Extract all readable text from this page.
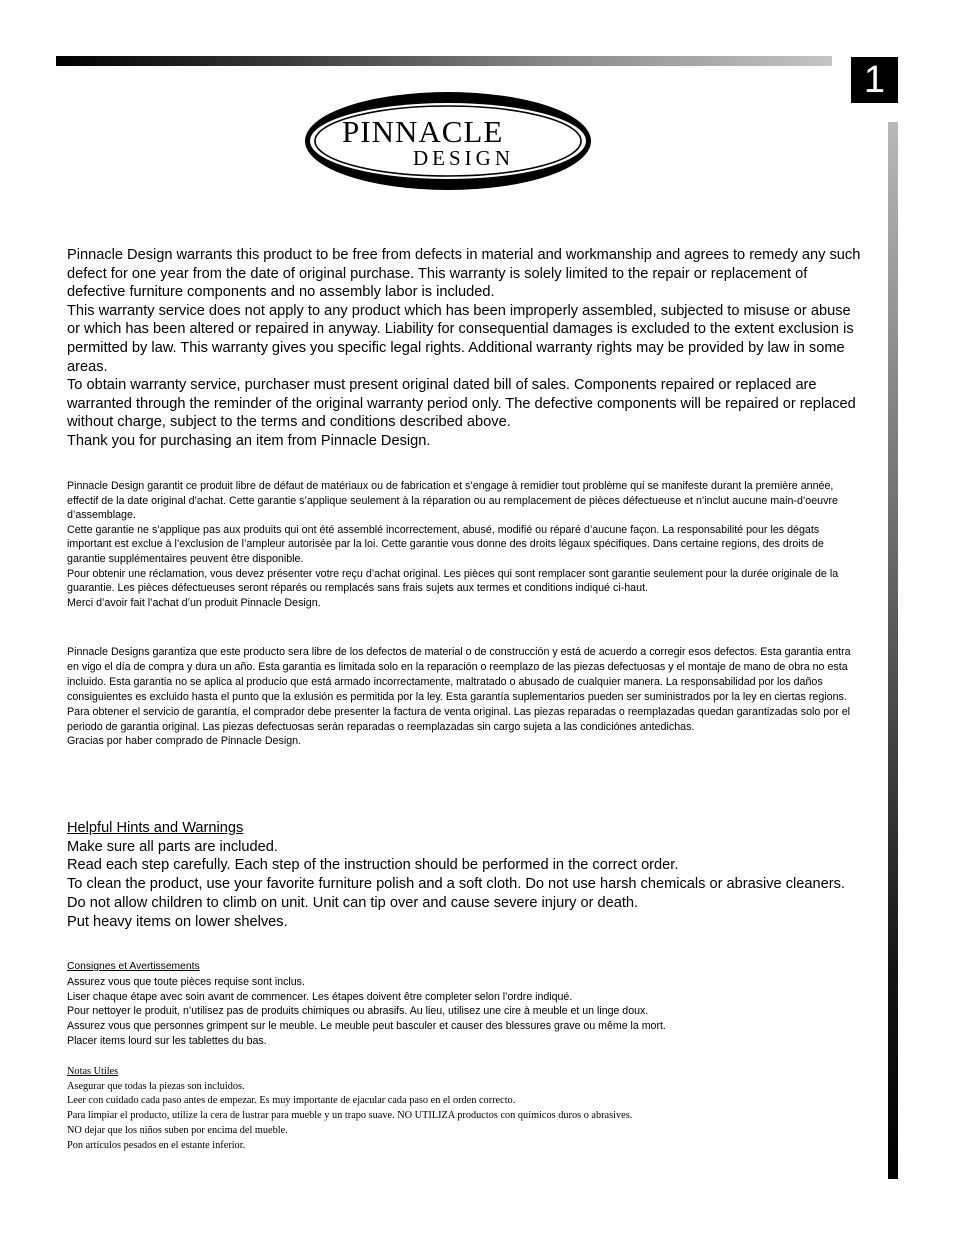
1
PINNACLE
DESIGN

Pinnacle Design warrants this product to be free from defects in material and workmanship and agrees to remedy any such defect for one year from the date of original purchase. This warranty is solely limited to the repair or replacement of defective furniture components and no assembly labor is included.

This warranty service does not apply to any product which has been improperly assembled, subjected to misuse or abuse or which has been altered or repaired in anyway. Liability for consequential damages is excluded to the extent exclusion is permitted by law. This warranty gives you specific legal rights. Additional warranty rights may be provided by law in some areas.

To obtain warranty service, purchaser must present original dated bill of sales. Components repaired or replaced are warranted through the reminder of the original warranty period only. The defective components will be repaired or replaced without charge, subject to the terms and conditions described above.

Thank you for purchasing an item from Pinnacle Design.

Pinnacle Design garantit ce produit libre de défaut de matériaux ou de fabrication et s’engage à remidier tout problème qui se manifeste durant la première année, effectif de la date original d’achat. Cette garantie s’applique seulement à la réparation ou au remplacement de pièces défectueuse et n’inclut aucune main-d’oeuvre d’assemblage.

Cette garantie ne s’applique pas aux produits qui ont été assemblé incorrectement, abusé, modifié ou réparé d’aucune façon. La responsabilité pour les dégats important est exclue à l’exclusion de l’ampleur autorisée par la loi. Cette garantie vous donne des droits légaux spécifiques. Dans certaine regions, des droits de garantie supplémentaires peuvent être disponible.

Pour obtenir une réclamation, vous devez présenter votre reçu d’achat original. Les pièces qui sont remplacer sont garantie seulement pour la durée originale de la guarantie. Les pièces défectueuses seront réparés ou remplacés sans frais sujets aux termes et conditions indiqué ci-haut.

Merci d’avoir fait l’achat d’un produit Pinnacle Design.

Pinnacle Designs garantiza que este producto sera libre de los defectos de material o de construcción y está de acuerdo a corregir esos defectos. Esta garantia entra en vigo el día de compra y dura un año. Esta garantia es limitada solo en la reparación o reemplazo de las piezas defectuosas y el montaje de mano de obra no esta incluido. Esta garantia no se aplica al producio que está armado incorrectamente, maltratado o abusado de cualquier manera. La responsabilidad por los daños consiguientes es excluido hasta el punto que la exlusión es permitida por la ley. Esta garantía suplementarios pueden ser suministrados por la ley en ciertas regions. Para obtener el servicio de garantía, el comprador debe presenter la factura de venta original. Las piezas reparadas o reemplazadas quedan garantizadas solo por el periodo de garantia original. Las piezas defectuosas serán reparadas o reemplazadas sin cargo sujeta a las condiciónes antedichas.

Gracias por haber comprado de Pinnacle Design.

Helpful Hints and Warnings

Make sure all parts are included.

Read each step carefully. Each step of the instruction should be performed in the correct order.

To clean the product, use your favorite furniture polish and a soft cloth. Do not use harsh chemicals or abrasive cleaners.

Do not allow children to climb on unit. Unit can tip over and cause severe injury or death.

Put heavy items on lower shelves.

Consignes et Avertissements

Assurez vous que toute pièces requise sont inclus.

Liser chaque étape avec soin avant de commencer. Les étapes doivent être completer selon l’ordre indiqué.

Pour nettoyer le produit, n’utilisez pas de produits chimiques ou abrasifs. Au lieu, utilisez une cire à meuble et un linge doux.

Assurez vous que personnes grimpent sur le meuble. Le meuble peut basculer et causer des blessures grave ou même la mort.

Placer items lourd sur les tablettes du bas.

Notas Utiles

Asegurar que todas la piezas son incluidos.

Leer con cuidado cada paso antes de empezar. Es muy importante de ejacular cada paso en el orden correcto.

Para limpiar el producto, utilize la cera de lustrar para mueble y un trapo suave. NO UTILIZA productos con químicos duros o abrasives.

NO dejar que los niños suben por encima del mueble.

Pon artículos pesados en el estante inferior.
